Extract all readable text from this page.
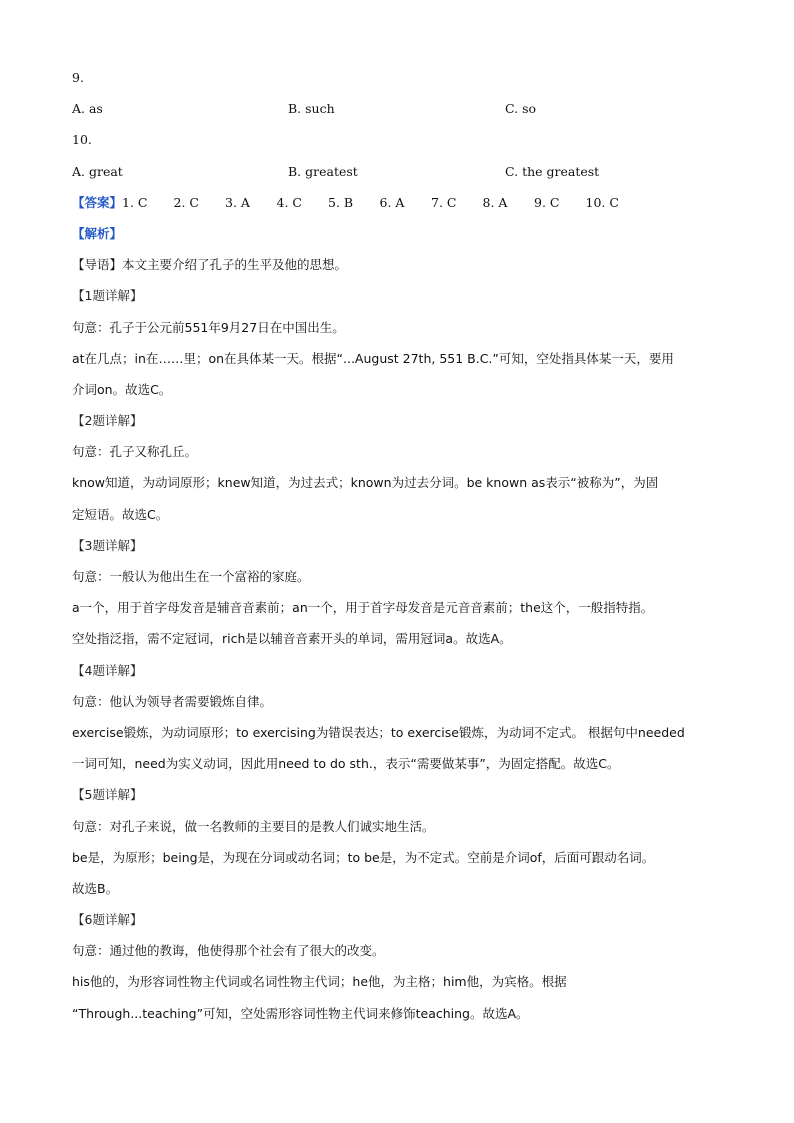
9.
A. as	B. such	C. so
10.
A. great	B. greatest	C. the greatest
【答案】 1. C	2. C	3. A	4. C	5. B	6. A	7. C	8. A	9. C	10. C
【解析】
【导语】本文主要介绍了孔子的生平及他的思想。
【1题详解】
句意：孔子于公元前551年9月27日在中国出生。
at在几点；in在……里；on在具体某一天。根据“...August 27th, 551 B.C.”可知，空处指具体某一天，要用
介词on。故选C。
【2题详解】
句意：孔子又称孔丘。
know知道，为动词原形；knew知道，为过去式；known为过去分词。be known as表示“被称为”，为固
定短语。故选C。
【3题详解】
句意：一般认为他出生在一个富裕的家庭。
a一个，用于首字母发音是辅音音素前；an一个，用于首字母发音是元音音素前；the这个，一般指特指。
空处指泛指，需不定冠词，rich是以辅音音素开头的单词，需用冠词a。故选A。
【4题详解】
句意：他认为领导者需要锻炼自律。
exercise锻炼，为动词原形；to exercising为错误表达；to exercise锻炼，为动词不定式。 根据句中needed
一词可知，need为实义动词，因此用need to do sth.，表示“需要做某事”，为固定搭配。故选C。
【5题详解】
句意：对孔子来说，做一名教师的主要目的是教人们诚实地生活。
be是，为原形；being是，为现在分词或动名词；to be是，为不定式。空前是介词of，后面可跟动名词。
故选B。
【6题详解】
句意：通过他的教诲，他使得那个社会有了很大的改变。
his他的，为形容词性物主代词或名词性物主代词；he他，为主格；him他，为宾格。根据
“Through...teaching”可知，空处需形容词性物主代词来修饰teaching。故选A。
